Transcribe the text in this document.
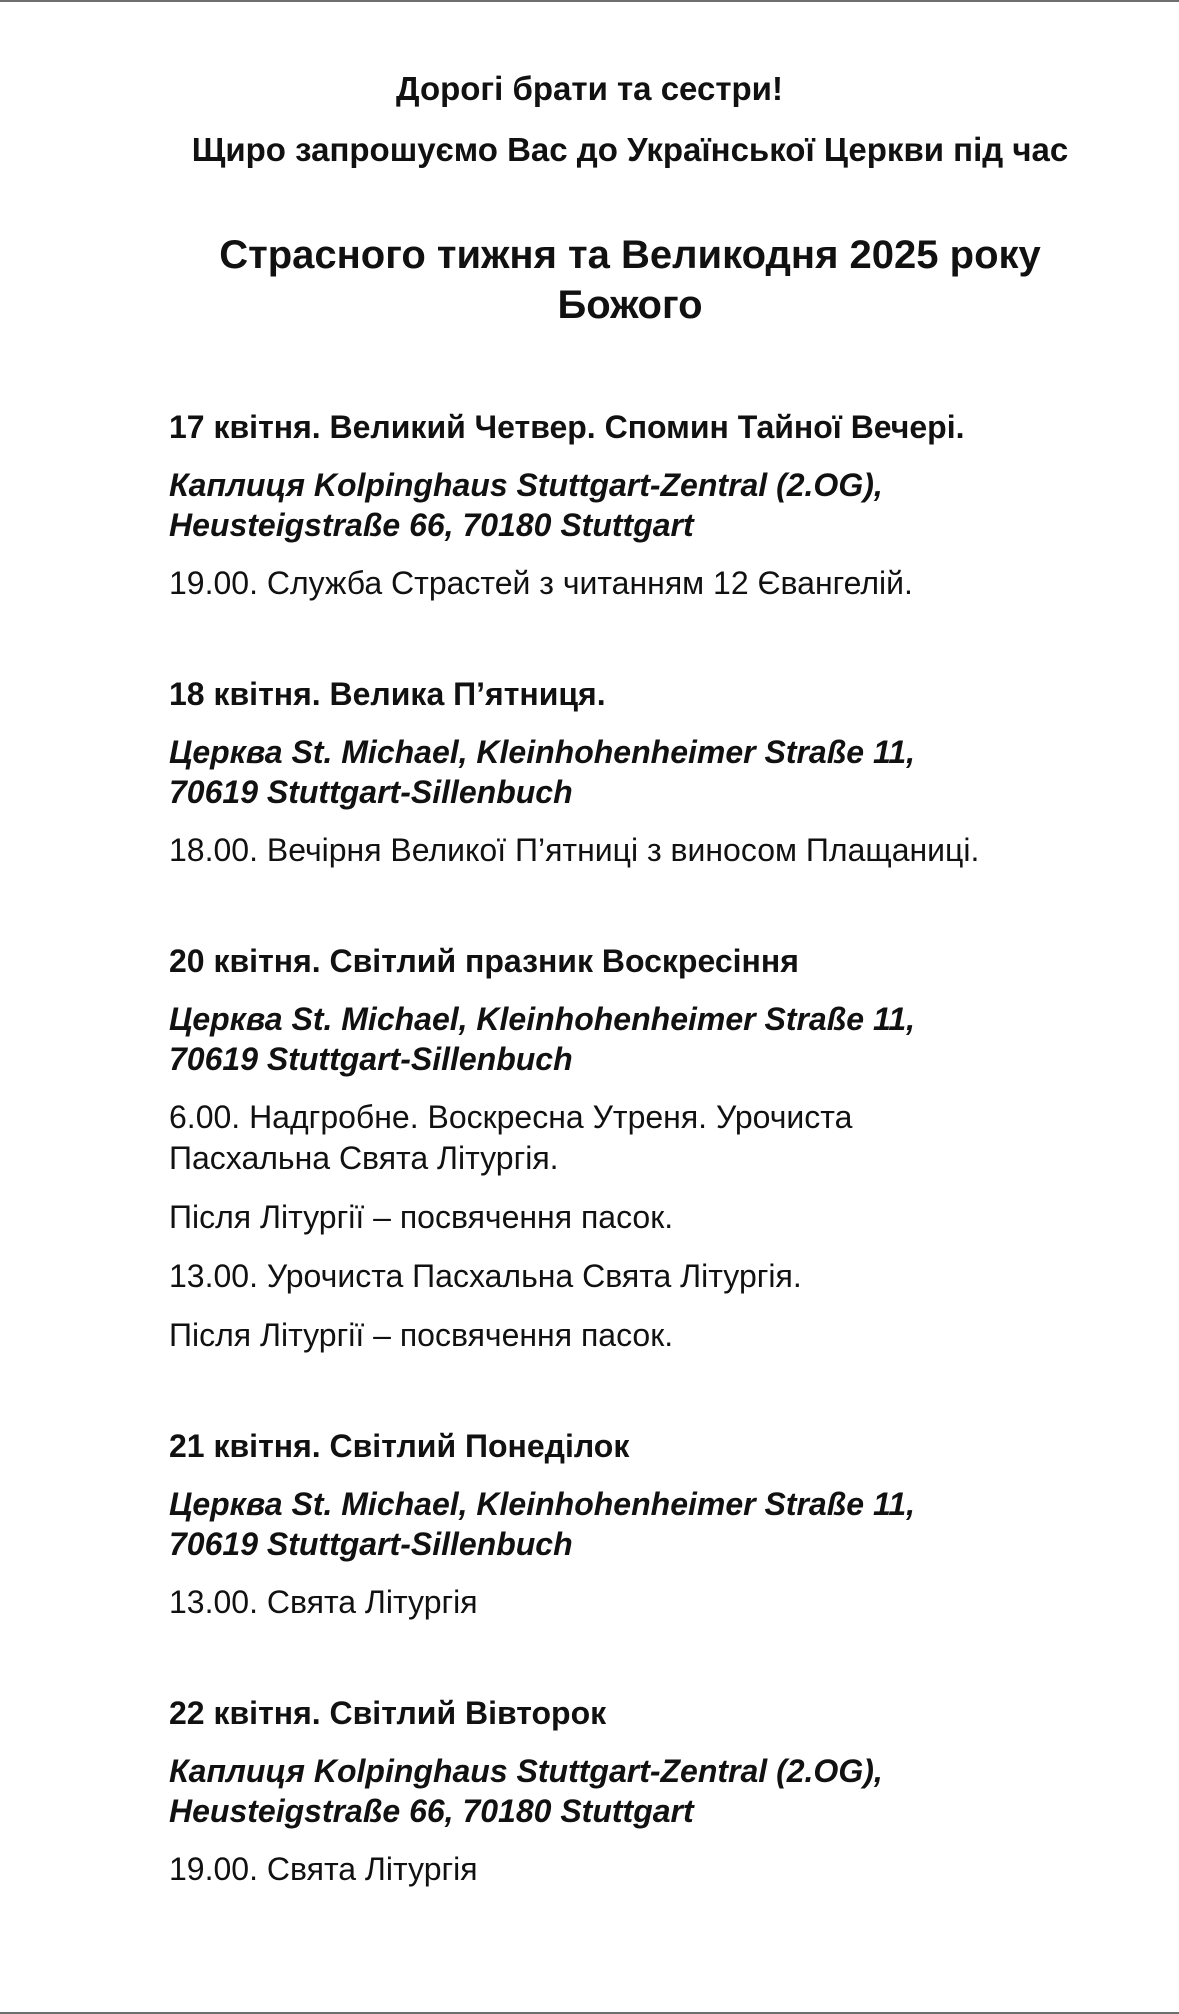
Дорогі брати та сестри!
Щиро запрошуємо Вас до Української Церкви під час
Страсного тижня та Великодня 2025 року Божого
17 квітня. Великий Четвер. Спомин Тайної Вечері.
Каплиця Kolpinghaus Stuttgart-Zentral (2.OG),
Heusteigstraße 66, 70180 Stuttgart
19.00. Служба Страстей з читанням 12 Євангелій.
18 квітня. Велика П’ятниця.
Церква St. Michael, Kleinhohenheimer Straße 11,
70619 Stuttgart-Sillenbuch
18.00. Вечірня Великої П’ятниці з виносом Плащаниці.
20 квітня. Світлий празник Воскресіння
Церква St. Michael, Kleinhohenheimer Straße 11,
70619 Stuttgart-Sillenbuch
6.00. Надгробне. Воскресна Утреня. Урочиста
Пасхальна Свята Літургія.
Після Літургії – посвячення пасок.
13.00. Урочиста Пасхальна Свята Літургія.
Після Літургії – посвячення пасок.
21 квітня. Світлий Понеділок
Церква St. Michael, Kleinhohenheimer Straße 11,
70619 Stuttgart-Sillenbuch
13.00. Свята Літургія
22 квітня. Світлий Вівторок
Каплиця Kolpinghaus Stuttgart-Zentral (2.OG),
Heusteigstraße 66, 70180 Stuttgart
19.00. Свята Літургія
